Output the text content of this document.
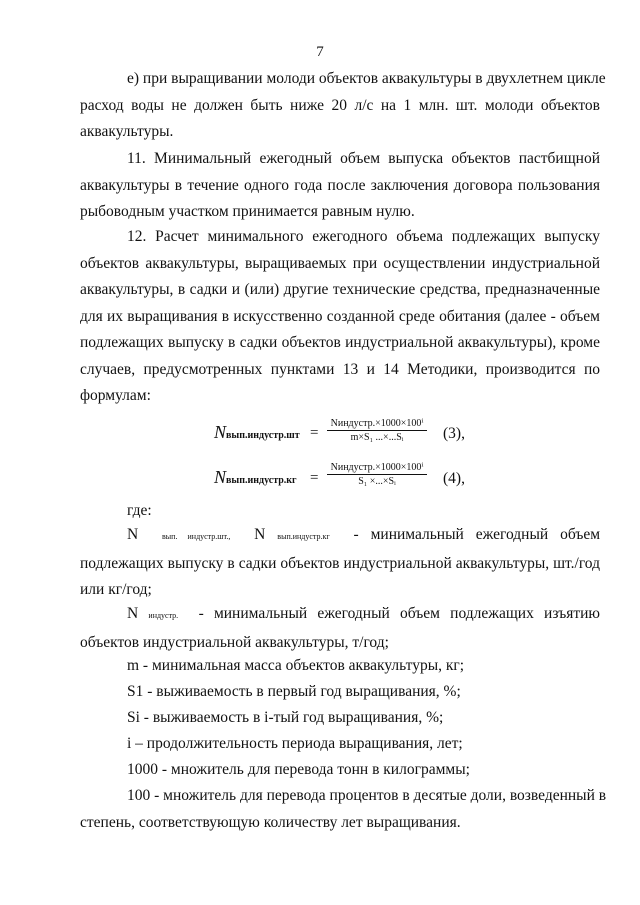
7
е) при выращивании молоди объектов аквакультуры в двухлетнем цикле
расход воды не должен быть ниже 20 л/с на 1 млн. шт. молоди объектов
аквакультуры.
11. Минимальный ежегодный объем выпуска объектов пастбищной
аквакультуры в течение одного года после заключения договора пользования
рыбоводным участком принимается равным нулю.
12. Расчет минимального ежегодного объема подлежащих выпуску
объектов аквакультуры, выращиваемых при осуществлении индустриальной
аквакультуры, в садки и (или) другие технические средства, предназначенные
для их выращивания в искусственно созданной среде обитания (далее - объем
подлежащих выпуску в садки объектов индустриальной аквакультуры), кроме
случаев, предусмотренных пунктами 13 и 14 Методики, производится по
формулам:
Nвып.индустр.шт =
Nиндустр.×1000×100ⁱ
m×S₁ ...×...Sᵢ	(3),
Nвып.индустр.кг =
Nиндустр.×1000×100ⁱ
S₁ ×...×Sᵢ	(4),
где:
N	вып. индустр.шт., N вып.индустр.кг - минимальный ежегодный объем
подлежащих выпуску в садки объектов индустриальной аквакультуры, шт./год
или кг/год;
N индустр. - минимальный ежегодный объем подлежащих изъятию
объектов индустриальной аквакультуры, т/год;
m - минимальная масса объектов аквакультуры, кг;
S1 - выживаемость в первый год выращивания, %;
Si - выживаемость в i-тый год выращивания, %;
i – продолжительность периода выращивания, лет;
1000 - множитель для перевода тонн в килограммы;
100 - множитель для перевода процентов в десятые доли, возведенный в
степень, соответствующую количеству лет выращивания.
